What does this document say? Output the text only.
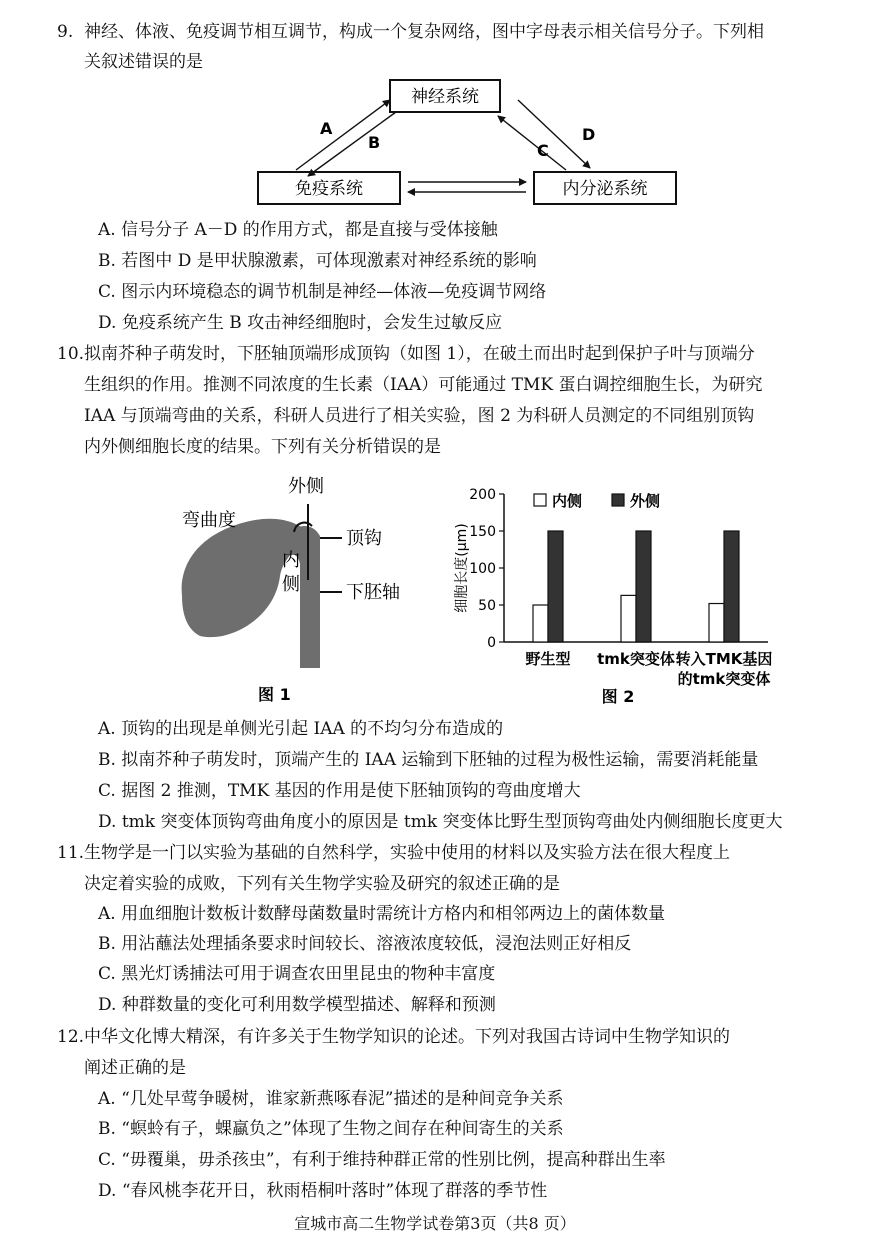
9. 神经、体液、免疫调节相互调节，构成一个复杂网络，图中字母表示相关信号分子。下列相
关叙述错误的是
神经系统
免疫系统	内分泌系统
A
B	C
D
A. 信号分子 A－D 的作用方式，都是直接与受体接触
B. 若图中 D 是甲状腺激素，可体现激素对神经系统的影响
C. 图示内环境稳态的调节机制是神经—体液—免疫调节网络
D. 免疫系统产生 B 攻击神经细胞时，会发生过敏反应
10. 拟南芥种子萌发时，下胚轴顶端形成顶钩（如图 1），在破土而出时起到保护子叶与顶端分
生组织的作用。推测不同浓度的生长素（IAA）可能通过 TMK 蛋白调控细胞生长，为研究
IAA 与顶端弯曲的关系，科研人员进行了相关实验，图 2 为科研人员测定的不同组别顶钩
内外侧细胞长度的结果。下列有关分析错误的是
外侧
弯曲度
内
侧
顶钩
下胚轴
图 1
0
50
100
150
200
野生型 tmk突变体 转入TMK基因
的tmk突变体
内侧	外侧
细胞长度(μm)
图 2
A. 顶钩的出现是单侧光引起 IAA 的不均匀分布造成的
B. 拟南芥种子萌发时，顶端产生的 IAA 运输到下胚轴的过程为极性运输，需要消耗能量
C. 据图 2 推测，TMK 基因的作用是使下胚轴顶钩的弯曲度增大
D. tmk 突变体顶钩弯曲角度小的原因是 tmk 突变体比野生型顶钩弯曲处内侧细胞长度更大
11. 生物学是一门以实验为基础的自然科学，实验中使用的材料以及实验方法在很大程度上
决定着实验的成败，下列有关生物学实验及研究的叙述正确的是
A. 用血细胞计数板计数酵母菌数量时需统计方格内和相邻两边上的菌体数量
B. 用沾蘸法处理插条要求时间较长、溶液浓度较低，浸泡法则正好相反
C. 黑光灯诱捕法可用于调查农田里昆虫的物种丰富度
D. 种群数量的变化可利用数学模型描述、解释和预测
12. 中华文化博大精深，有许多关于生物学知识的论述。下列对我国古诗词中生物学知识的
阐述正确的是
A. “几处早莺争暖树，谁家新燕啄春泥”描述的是种间竞争关系
B. “螟蛉有子，蜾蠃负之”体现了生物之间存在种间寄生的关系
C. “毋覆巢，毋杀孩虫”，有利于维持种群正常的性别比例，提高种群出生率
D. “春风桃李花开日，秋雨梧桐叶落时”体现了群落的季节性
宣城市高二生物学试卷第3页（共8 页）
